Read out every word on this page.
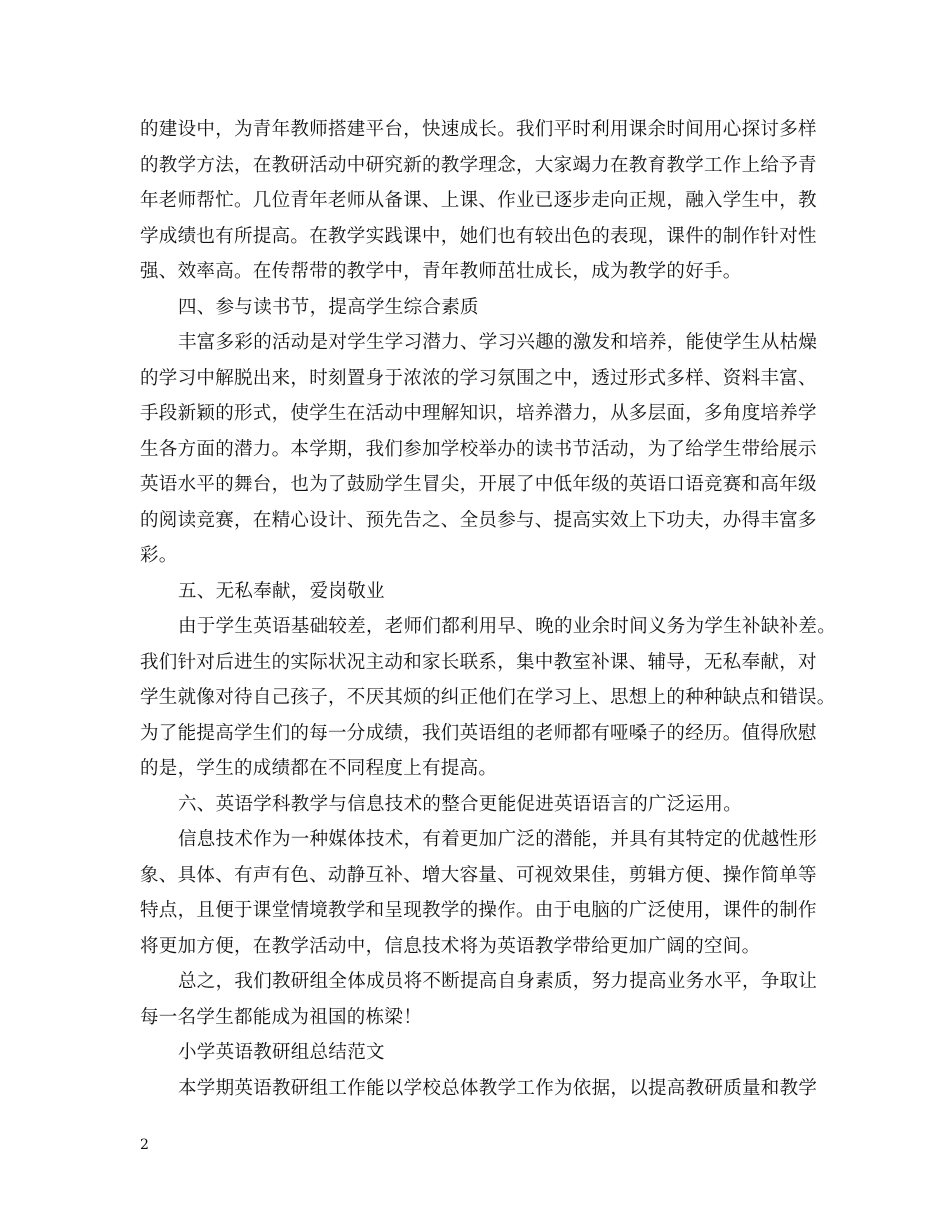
的建设中，为青年教师搭建平台，快速成长。我们平时利用课余时间用心探讨多样
的教学方法，在教研活动中研究新的教学理念，大家竭力在教育教学工作上给予青
年老师帮忙。几位青年老师从备课、上课、作业已逐步走向正规，融入学生中，教
学成绩也有所提高。在教学实践课中，她们也有较出色的表现，课件的制作针对性
强、效率高。在传帮带的教学中，青年教师茁壮成长，成为教学的好手。
四、参与读书节，提高学生综合素质
丰富多彩的活动是对学生学习潜力、学习兴趣的激发和培养，能使学生从枯燥
的学习中解脱出来，时刻置身于浓浓的学习氛围之中，透过形式多样、资料丰富、
手段新颖的形式，使学生在活动中理解知识，培养潜力，从多层面，多角度培养学
生各方面的潜力。本学期，我们参加学校举办的读书节活动，为了给学生带给展示
英语水平的舞台，也为了鼓励学生冒尖，开展了中低年级的英语口语竞赛和高年级
的阅读竞赛，在精心设计、预先告之、全员参与、提高实效上下功夫，办得丰富多
彩。
五、无私奉献，爱岗敬业
由于学生英语基础较差，老师们都利用早、晚的业余时间义务为学生补缺补差。
我们针对后进生的实际状况主动和家长联系，集中教室补课、辅导，无私奉献，对
学生就像对待自己孩子，不厌其烦的纠正他们在学习上、思想上的种种缺点和错误。
为了能提高学生们的每一分成绩，我们英语组的老师都有哑嗓子的经历。值得欣慰
的是，学生的成绩都在不同程度上有提高。
六、英语学科教学与信息技术的整合更能促进英语语言的广泛运用。
信息技术作为一种媒体技术，有着更加广泛的潜能，并具有其特定的优越性形
象、具体、有声有色、动静互补、增大容量、可视效果佳，剪辑方便、操作简单等
特点，且便于课堂情境教学和呈现教学的操作。由于电脑的广泛使用，课件的制作
将更加方便，在教学活动中，信息技术将为英语教学带给更加广阔的空间。
总之，我们教研组全体成员将不断提高自身素质，努力提高业务水平，争取让
每一名学生都能成为祖国的栋梁！
小学英语教研组总结范文
本学期英语教研组工作能以学校总体教学工作为依据，以提高教研质量和教学
2
